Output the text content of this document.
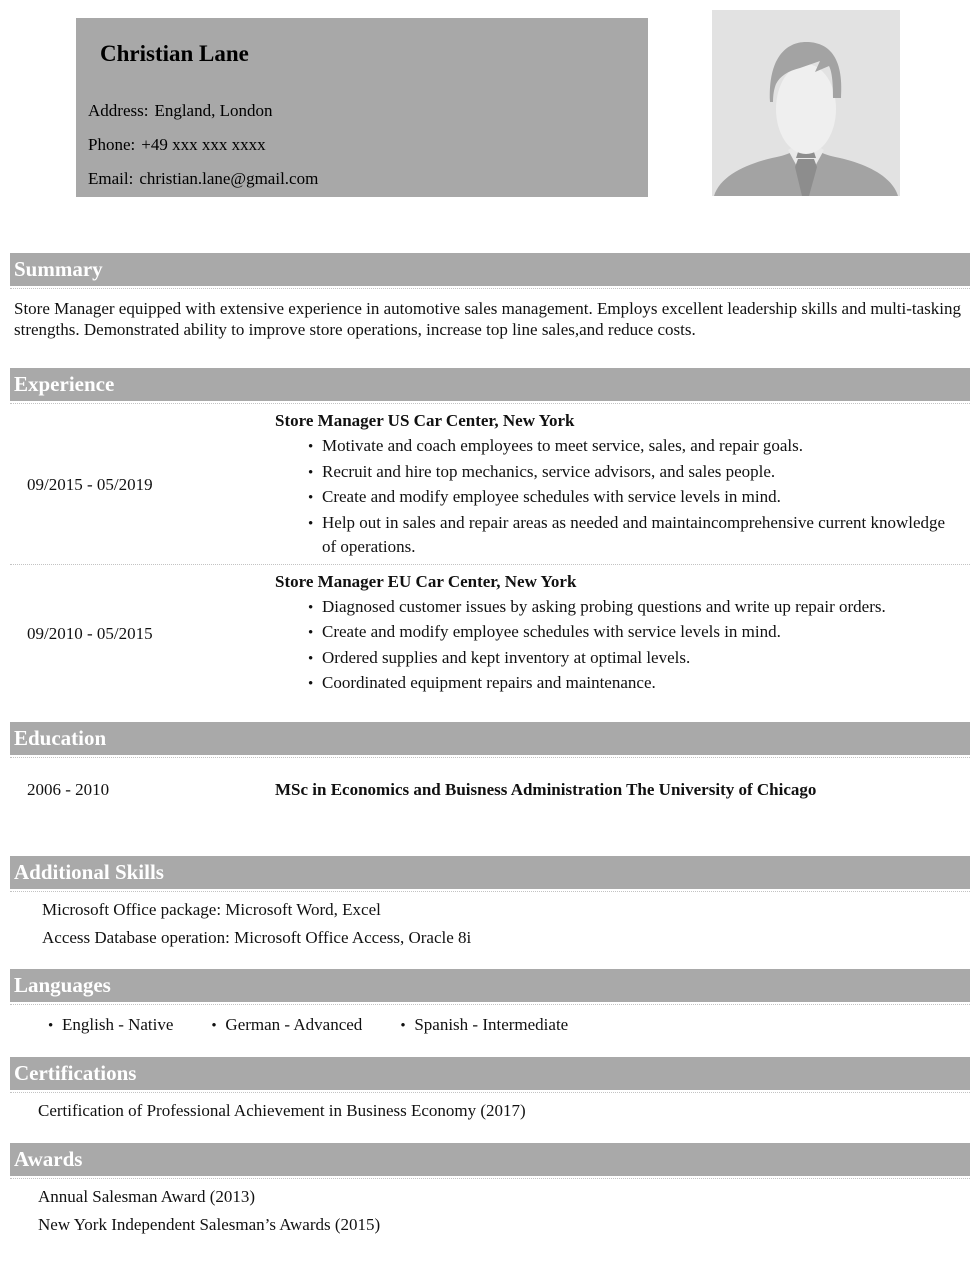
Christian Lane
Address: England, London
Phone: +49 xxx xxx xxxx
Email: christian.lane@gmail.com
Summary

Store Manager equipped with extensive experience in automotive sales management. Employs excellent leadership skills and multi-tasking strengths. Demonstrated ability to improve store operations, increase top line sales,and reduce costs.

Experience
09/2015 - 05/2019
Store Manager US Car Center, New York
•
Motivate and coach employees to meet service, sales, and repair goals.
•
Recruit and hire top mechanics, service advisors, and sales people.
•
Create and modify employee schedules with service levels in mind.
•
Help out in sales and repair areas as needed and maintaincomprehensive current knowledge of operations.
09/2010 - 05/2015
Store Manager EU Car Center, New York
•
Diagnosed customer issues by asking probing questions and write up repair orders.
•
Create and modify employee schedules with service levels in mind.
•
Ordered supplies and kept inventory at optimal levels.
•
Coordinated equipment repairs and maintenance.
Education
2006 - 2010	MSc in Economics and Buisness Administration The University of Chicago
Additional Skills
Microsoft Office package: Microsoft Word, Excel
Access Database operation: Microsoft Office Access, Oracle 8i
Languages
•
English - Native •	German - Advanced •	Spanish - Intermediate
Certifications
Certification of Professional Achievement in Business Economy (2017)
Awards
Annual Salesman Award (2013)
New York Independent Salesman’s Awards (2015)
